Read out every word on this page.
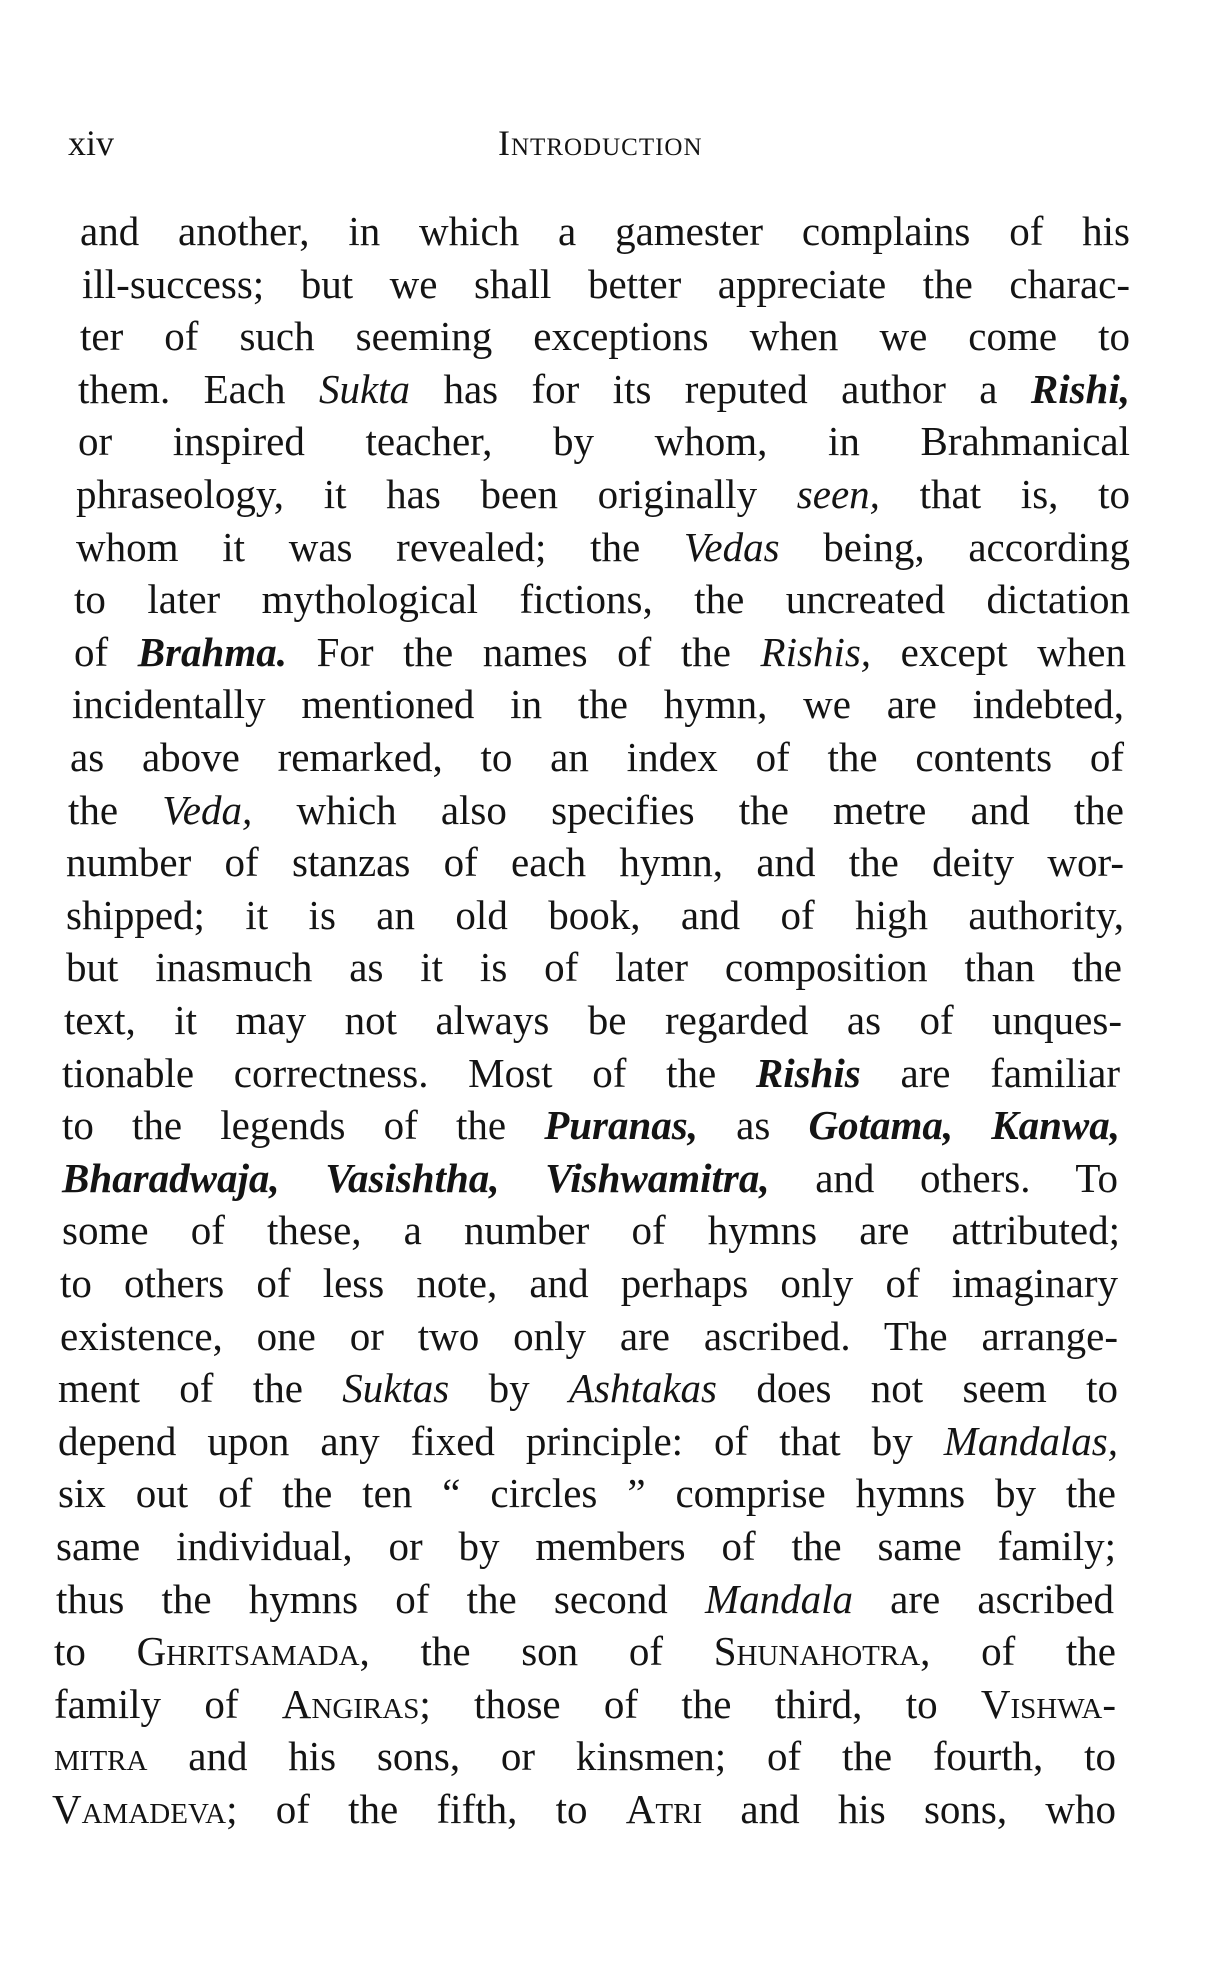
xiv	Introduction
and another, in which a gamester complains of his
ill-success; but we shall better appreciate the charac-
ter of such seeming exceptions when we come to
them. Each Sukta has for its reputed author a Rishi,
or inspired teacher, by whom, in Brahmanical
phraseology, it has been originally seen, that is, to
whom it was revealed; the Vedas being, according
to later mythological fictions, the uncreated dictation
of Brahma. For the names of the Rishis, except when
incidentally mentioned in the hymn, we are indebted,
as above remarked, to an index of the contents of
the Veda, which also specifies the metre and the
number of stanzas of each hymn, and the deity wor-
shipped; it is an old book, and of high authority,
but inasmuch as it is of later composition than the
text, it may not always be regarded as of unques-
tionable correctness. Most of the Rishis are familiar
to the legends of the Puranas, as Gotama, Kanwa,
Bharadwaja, Vasishtha, Vishwamitra, and others. To
some of these, a number of hymns are attributed;
to others of less note, and perhaps only of imaginary
existence, one or two only are ascribed. The arrange-
ment of the Suktas by Ashtakas does not seem to
depend upon any fixed principle: of that by Mandalas,
six out of the ten “ circles ” comprise hymns by the
same individual, or by members of the same family;
thus the hymns of the second Mandala are ascribed
to Ghritsamada, the son of Shunahotra, of the
family of Angiras; those of the third, to Vishwa-
mitra and his sons, or kinsmen; of the fourth, to
Vamadeva; of the fifth, to Atri and his sons, who
